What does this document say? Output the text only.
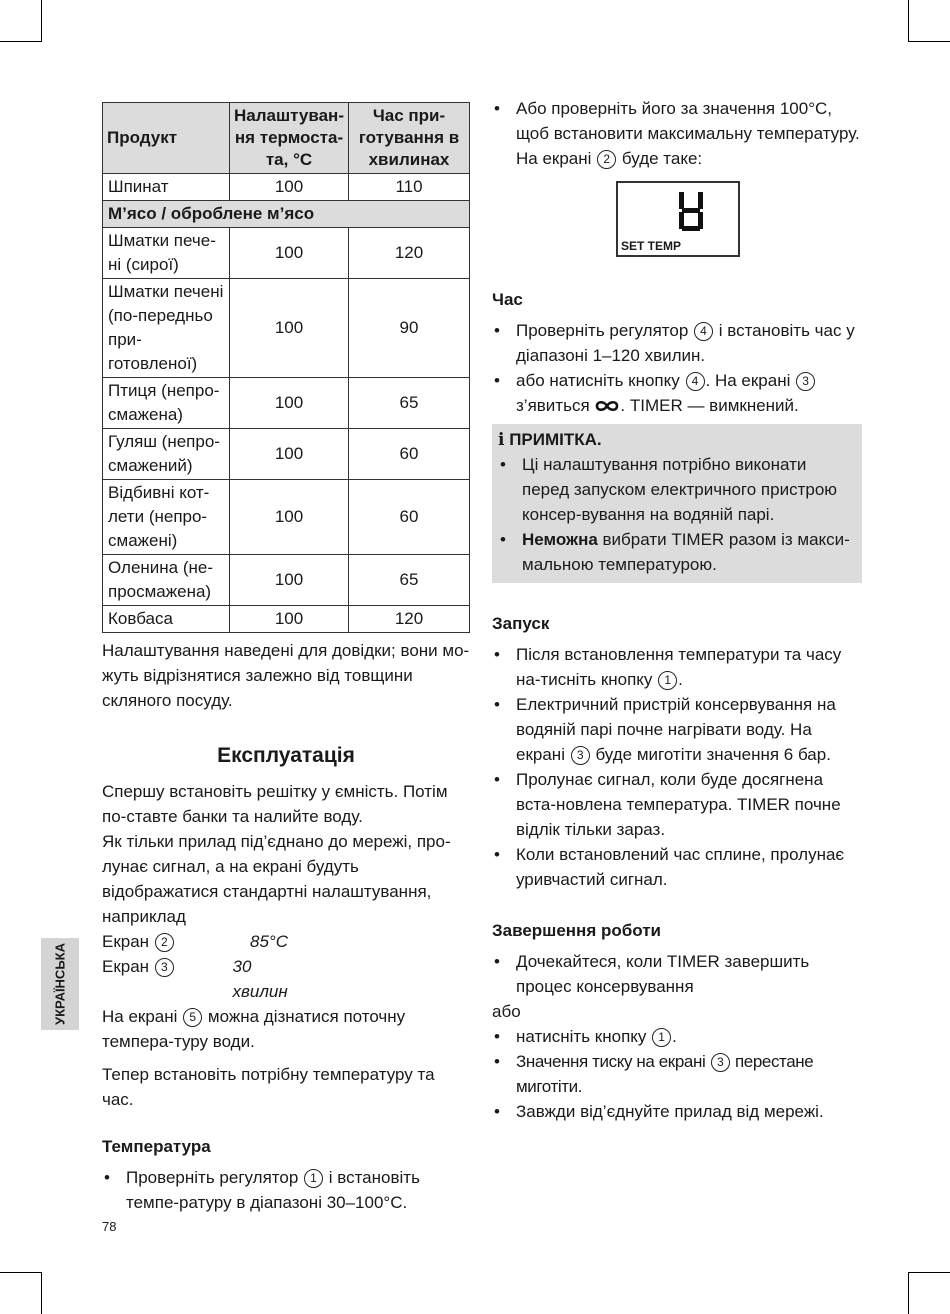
Продукт	Налаштуван-ня термоста-та, °C	Час при-готування в хвилинах
Шпинат	100	110
М’ясо / оброблене м’ясо		
Шматки пече-ні (сирої)	100	120
Шматки печені (по-передньо при-готовленої)	100	90
Птиця (непро-смажена)	100	65
Гуляш (непро-смажений)	100	60
Відбивні кот-лети (непро-смажені)	100	60
Оленина (не-просмажена)	100	65
Ковбаса	100	120

Налаштування наведені для довідки; вони мо-жуть відрізнятися залежно від товщини скляного посуду.

Експлуатація

Спершу встановіть решітку у ємність. Потім по-ставте банки та налийте воду.

Як тільки прилад під’єднано до мережі, про-лунає сигнал, а на екрані будуть відображатися стандартні налаштування, наприклад

Екран 2	85°C
Екран 3	30 хвилин

На екрані 5 можна дізнатися поточну темпера-туру води.

Тепер встановіть потрібну температуру та час.

Температура
• Проверніть регулятор 1 і встановіть темпе-ратуру в діапазоні 30–100°C.
• Або проверніть його за значення 100°C, щоб встановити максимальну температуру.
На екрані 2 буде таке:
SET TEMP
Час
• Проверніть регулятор 4 і встановіть час у діапазоні 1–120 хвилин.
• або натисніть кнопку 4 . На екрані 3 з’явиться . TIMER — вимкнений.
i ПРИМІТКА.
• Ці налаштування потрібно виконати перед запуском електричного пристрою консер-вування на водяній парі.
• Неможна вибрати TIMER разом із макси-мальною температурою.
Запуск
• Після встановлення температури та часу на-тисніть кнопку 1 .
• Електричний пристрій консервування на водяній парі почне нагрівати воду. На екрані 3 буде миготіти значення 6 бар.
• Пролунає сигнал, коли буде досягнена вста-новлена температура. TIMER почне відлік тільки зараз.
• Коли встановлений час сплине, пролунає уривчастий сигнал.
Завершення роботи
• Дочекайтеся, коли TIMER завершить процес консервування

або

• натисніть кнопку 1 .
• Значення тиску на екрані 3 перестане миготіти.
• Завжди від’єднуйте прилад від мережі.
УКРАЇНСЬКА
78
